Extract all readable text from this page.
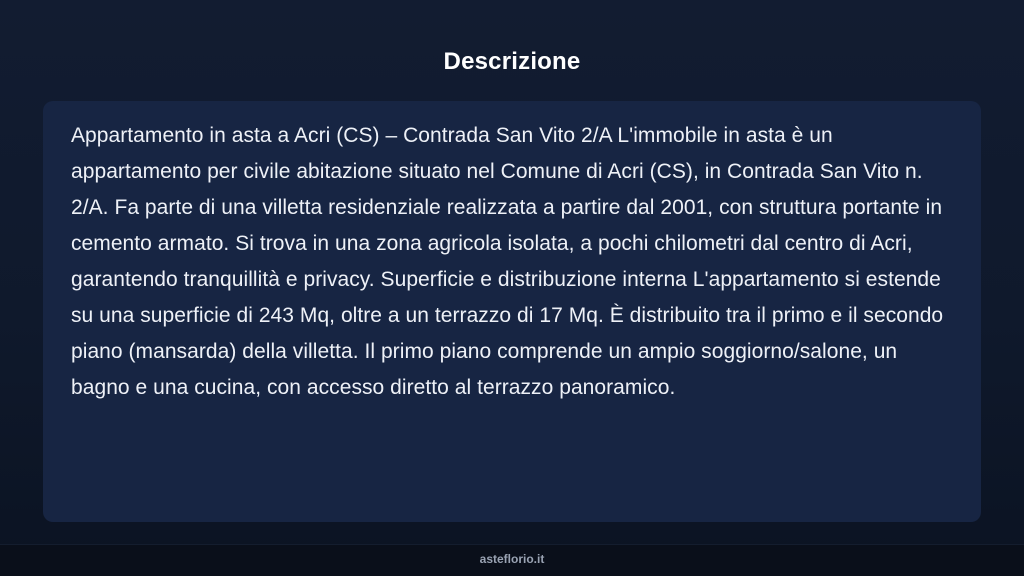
Descrizione

Appartamento in asta a Acri (CS) – Contrada San Vito 2/A L'immobile in asta è un appartamento per civile abitazione situato nel Comune di Acri (CS), in Contrada San Vito n. 2/A. Fa parte di una villetta residenziale realizzata a partire dal 2001, con struttura portante in cemento armato. Si trova in una zona agricola isolata, a pochi chilometri dal centro di Acri, garantendo tranquillità e privacy. Superficie e distribuzione interna L'appartamento si estende su una superficie di 243 Mq, oltre a un terrazzo di 17 Mq. È distribuito tra il primo e il secondo piano (mansarda) della villetta. Il primo piano comprende un ampio soggiorno/salone, un bagno e una cucina, con accesso diretto al terrazzo panoramico.

asteflorio.it
